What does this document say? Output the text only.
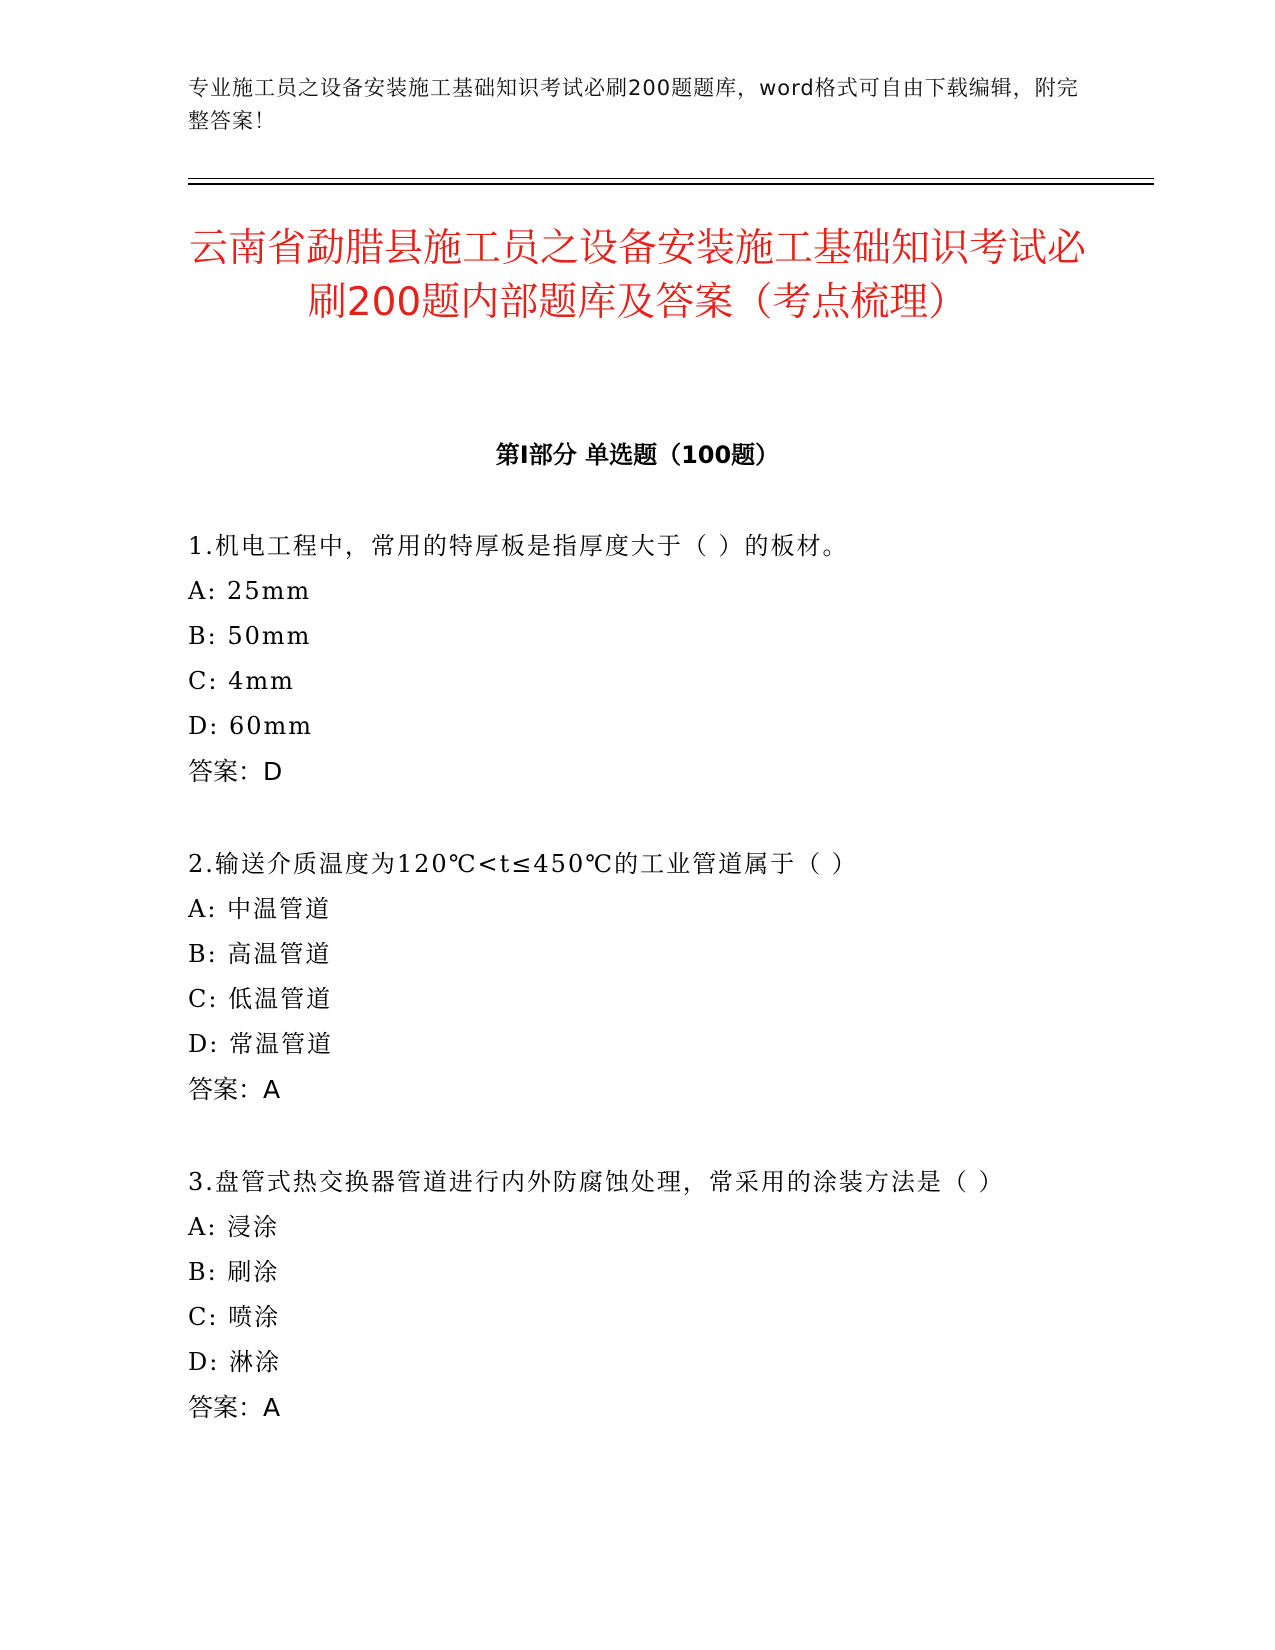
专业施工员之设备安装施工基础知识考试必刷200题题库，word格式可自由下载编辑，附完整答案！
云南省勐腊县施工员之设备安装施工基础知识考试必刷200题内部题库及答案（考点梳理）
第Ⅰ部分 单选题（100题）

1.机电工程中，常用的特厚板是指厚度大于（ ）的板材。

A: 25mm

B: 50mm

C: 4mm

D: 60mm

答案：D

2.输送介质温度为120℃<t≤450℃的工业管道属于（ ）

A: 中温管道

B: 高温管道

C: 低温管道

D: 常温管道

答案：A

3.盘管式热交换器管道进行内外防腐蚀处理，常采用的涂装方法是（ ）

A: 浸涂

B: 刷涂

C: 喷涂

D: 淋涂

答案：A
